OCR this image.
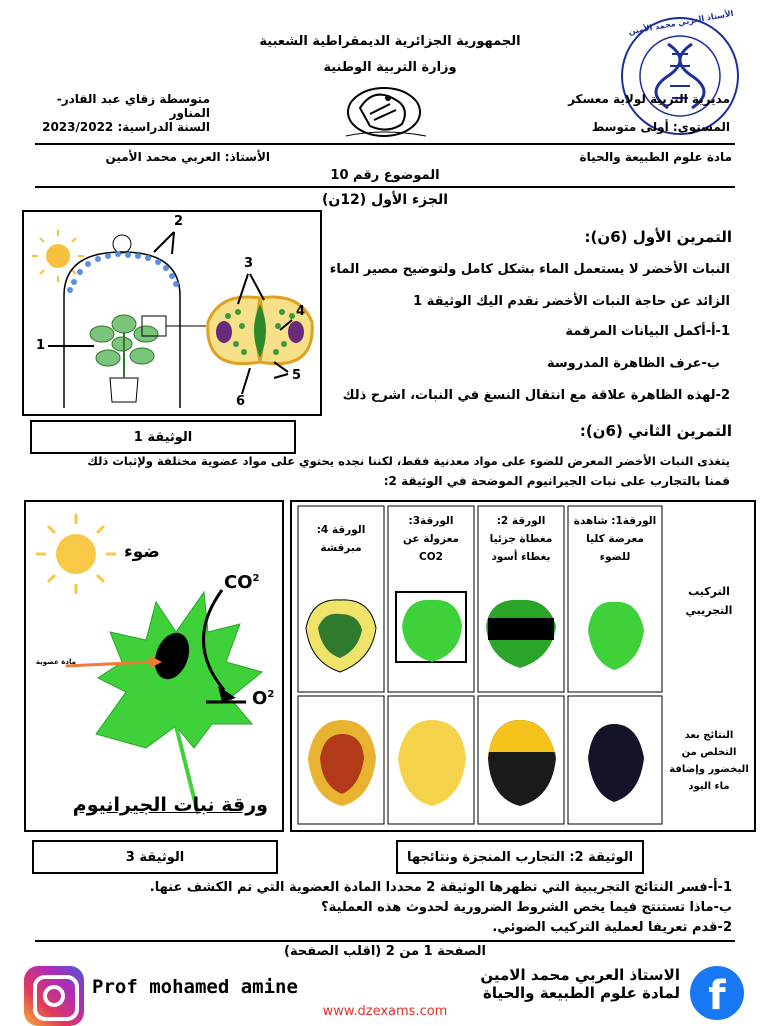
الجمهورية الجزائرية الديمقراطية الشعبية
وزارة التربية الوطنية
الأستاذ العربي محمد الأمين
متوسطة زقاي عبد القادر-المناور
مديرية التربية لولاية معسكر
السنة الدراسية: 2023/2022	المستوى: أولى متوسط
الأستاذ: العربي محمد الأمين	مادة علوم الطبيعة والحياة
الموضوع رقم 10
الجزء الأول (12ن)
2
3
4
5
6
1
الوثيقة 1
التمرين الأول (6ن):
النبات الأخضر لا يستعمل الماء بشكل كامل ولتوضيح مصير الماء
الزائد عن حاجة النبات الأخضر نقدم اليك الوثيقة 1
1-أ-أكمل البيانات المرقمة
ب-عرف الظاهرة المدروسة
2-لهذه الظاهرة علاقة مع انتقال النسغ في النبات، اشرح ذلك
التمرين الثاني (6ن):
يتغذى النبات الأخضر المعرض للضوء على مواد معدنية فقط، لكننا نجده يحتوي على مواد عضوية مختلفة ولإثبات ذلك
قمنا بالتجارب على نبات الجيرانيوم الموضحة في الوثيقة 2:
ضوء
$CO^2$
$O^2$
مادة عضوية
ورقة نبات الجيرانيوم
الورقة 4: مبرقشة
الورقة3: معزولة عن CO2
الورقة 2: مغطاة جزئيا بغطاء أسود
الورقة1: شاهدة معرضة كليا للضوء
التركيب التجريبي
النتائج بعد التخلص من اليخضور وإضافة ماء اليود
الوثيقة 3	الوثيقة 2: التجارب المنجزة ونتائجها
1-أ-فسر النتائج التجريبية التي تظهرها الوثيقة 2 محددا المادة العضوية التي تم الكشف عنها.
ب-ماذا تستنتج فيما يخص الشروط الضرورية لحدوث هذه العملية؟
2-قدم تعريفا لعملية التركيب الضوئي.
الصفحة 1 من 2 (اقلب الصفحة)
Prof mohamed amine
الاستاذ العربي محمد الامين
لمادة علوم الطبيعة والحياة f
www.dzexams.com
